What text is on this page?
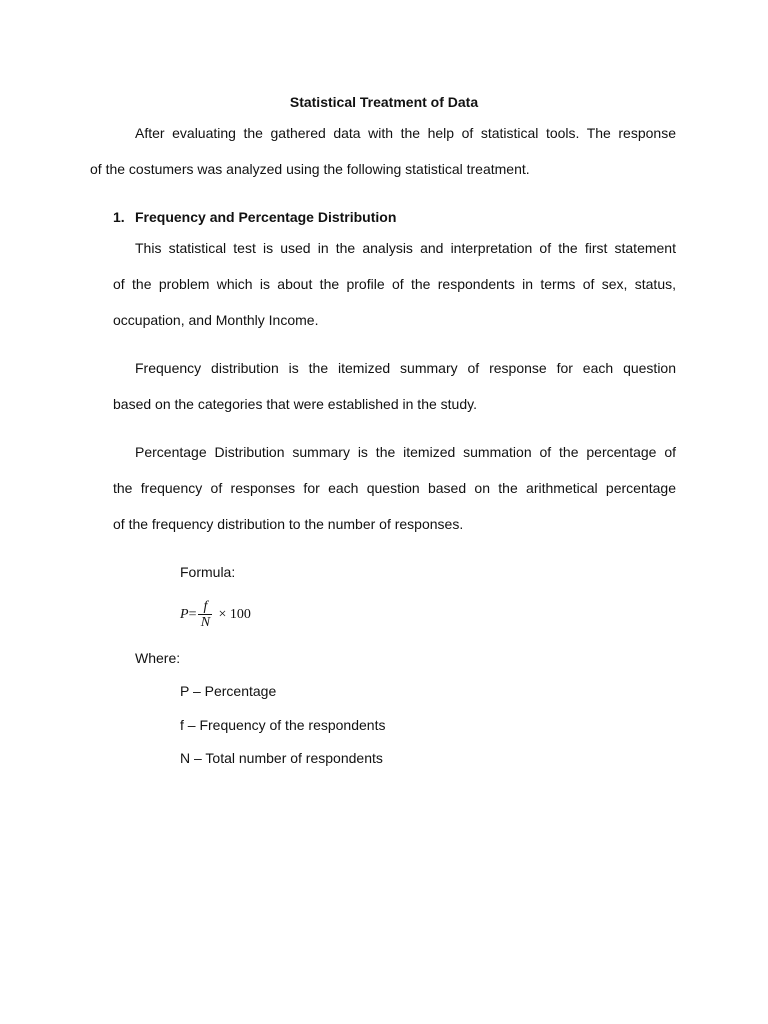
Statistical Treatment of Data
After evaluating the gathered data with the help of statistical tools. The response
of the costumers was analyzed using the following statistical treatment.
1. Frequency and Percentage Distribution
This statistical test is used in the analysis and interpretation of the first statement
of the problem which is about the profile of the respondents in terms of sex, status,
occupation, and Monthly Income.
Frequency distribution is the itemized summary of response for each question
based on the categories that were established in the study.
Percentage Distribution summary is the itemized summation of the percentage of
the frequency of responses for each question based on the arithmetical percentage
of the frequency distribution to the number of responses.
Formula:
$P = \frac{f}{N} \times 100$
Where:
P – Percentage
f – Frequency of the respondents
N – Total number of respondents
